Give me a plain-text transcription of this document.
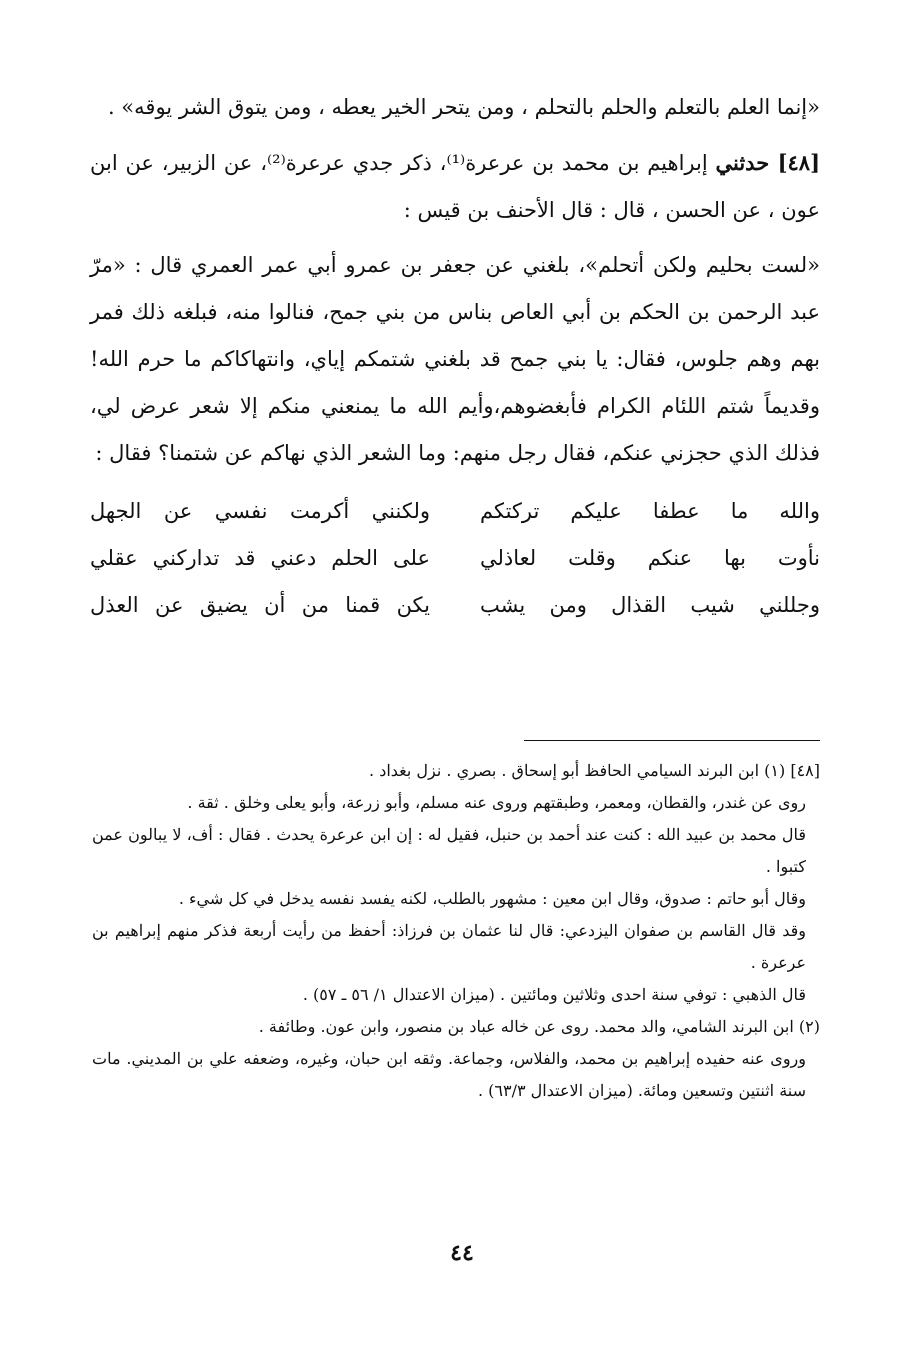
«إنما العلم بالتعلم والحلم بالتحلم ، ومن يتحر الخير يعطه ، ومن يتوق الشر يوقه» .

[٤٨] حدثني إبراهيم بن محمد بن عرعرة⁽¹⁾، ذكر جدي عرعرة⁽²⁾، عن الزبير، عن ابن عون ، عن الحسن ، قال : قال الأحنف بن قيس :

«لست بحليم ولكن أتحلم»، بلغني عن جعفر بن عمرو أبي عمر العمري قال : «مرّ عبد الرحمن بن الحكم بن أبي العاص بناس من بني جمح، فنالوا منه، فبلغه ذلك فمر بهم وهم جلوس، فقال: يا بني جمح قد بلغني شتمكم إياي، وانتهاكاكم ما حرم الله! وقديماً شتم اللئام الكرام فأبغضوهم،وأيم الله ما يمنعني منكم إلا شعر عرض لي، فذلك الذي حجزني عنكم، فقال رجل منهم: وما الشعر الذي نهاكم عن شتمنا؟ فقال :

والله ما عطفا عليكم تركتكم
ولكنني أكرمت نفسي عن الجهل
نأوت بها عنكم وقلت لعاذلي
على الحلم دعني قد تداركني عقلي
وجللني شيب القذال ومن يشب
يكن قمنا من أن يضيق عن العذل

[٤٨] (١) ابن البرند السيامي الحافظ أبو إسحاق . بصري . نزل بغداد .

روى عن غندر، والقطان، ومعمر، وطبقتهم وروى عنه مسلم، وأبو زرعة، وأبو يعلى وخلق . ثقة .

قال محمد بن عبيد الله : كنت عند أحمد بن حنبل، فقيل له : إن ابن عرعرة يحدث . فقال : أف، لا يبالون عمن كتبوا .

وقال أبو حاتم : صدوق، وقال ابن معين : مشهور بالطلب، لكنه يفسد نفسه يدخل في كل شيء .

وقد قال القاسم بن صفوان اليزدعي: قال لنا عثمان بن فرزاذ: أحفظ من رأيت أربعة فذكر منهم إبراهيم بن عرعرة .

قال الذهبي : توفي سنة احدى وثلاثين ومائتين . (ميزان الاعتدال ١/ ٥٦ ـ ٥٧) .

(٢) ابن البرند الشامي، والد محمد. روى عن خاله عباد بن منصور، وابن عون. وطائفة .

وروى عنه حفيده إبراهيم بن محمد، والفلاس، وجماعة. وثقه ابن حبان، وغيره، وضعفه علي بن المديني. مات سنة اثنتين وتسعين ومائة. (ميزان الاعتدال ٦٣/٣) .

٤٤
